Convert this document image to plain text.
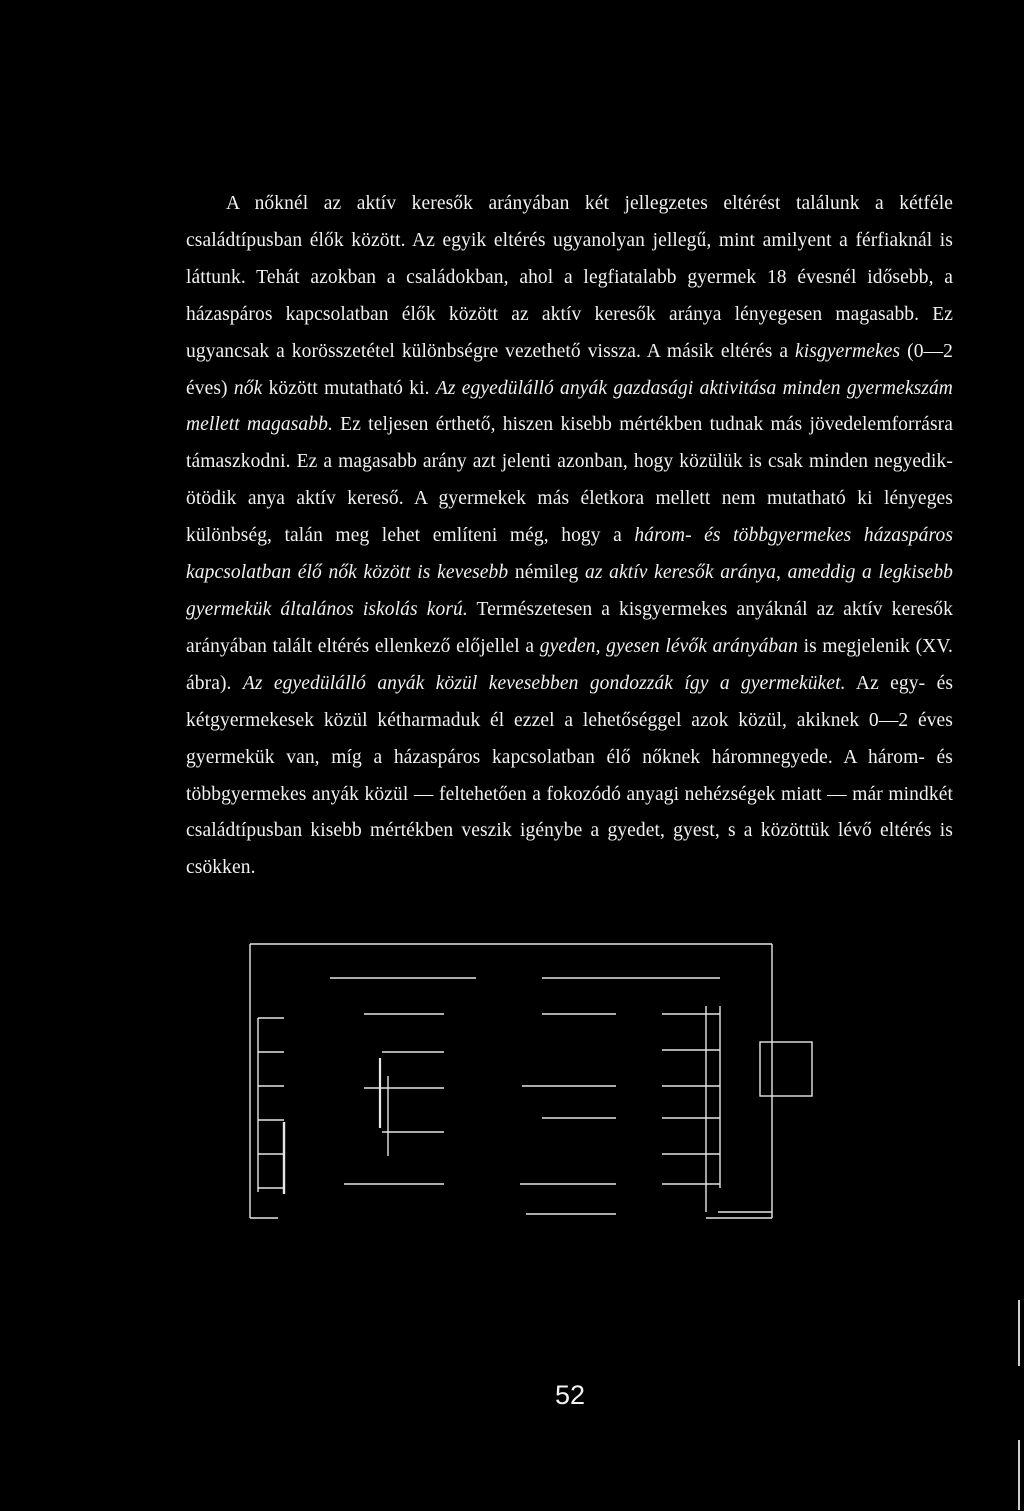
A nőknél az aktív keresők arányában két jellegzetes eltérést találunk a kétféle családtípusban élők között. Az egyik eltérés ugyanolyan jellegű, mint amilyent a férfiaknál is láttunk. Tehát azokban a családokban, ahol a legfiatalabb gyermek 18 évesnél idősebb, a házaspáros kapcsolatban élők között az aktív keresők aránya lényegesen magasabb. Ez ugyancsak a korösszetétel különbségre vezethető vissza. A másik eltérés a kisgyermekes (0—2 éves) nők között mutatható ki. Az egyedülálló anyák gazdasági aktivitása minden gyermekszám mellett magasabb. Ez teljesen érthető, hiszen kisebb mértékben tudnak más jövedelemforrásra támaszkodni. Ez a magasabb arány azt jelenti azonban, hogy közülük is csak minden negyedik-ötödik anya aktív kereső. A gyermekek más életkora mellett nem mutatható ki lényeges különbség, talán meg lehet említeni még, hogy a három- és többgyermekes házaspáros kapcsolatban élő nők között is kevesebb némileg az aktív keresők aránya, ameddig a legkisebb gyermekük általános iskolás korú. Természetesen a kisgyermekes anyáknál az aktív keresők arányában talált eltérés ellenkező előjellel a gyeden, gyesen lévők arányában is megjelenik (XV. ábra). Az egyedülálló anyák közül kevesebben gondozzák így a gyermeküket. Az egy- és kétgyermekesek közül kétharmaduk él ezzel a lehetőséggel azok közül, akiknek 0—2 éves gyermekük van, míg a házaspáros kapcsolatban élő nőknek háromnegyede. A három- és többgyermekes anyák közül — feltehetően a fokozódó anyagi nehézségek miatt — már mindkét családtípusban kisebb mértékben veszik igénybe a gyedet, gyest, s a közöttük lévő eltérés is csökken.

52
